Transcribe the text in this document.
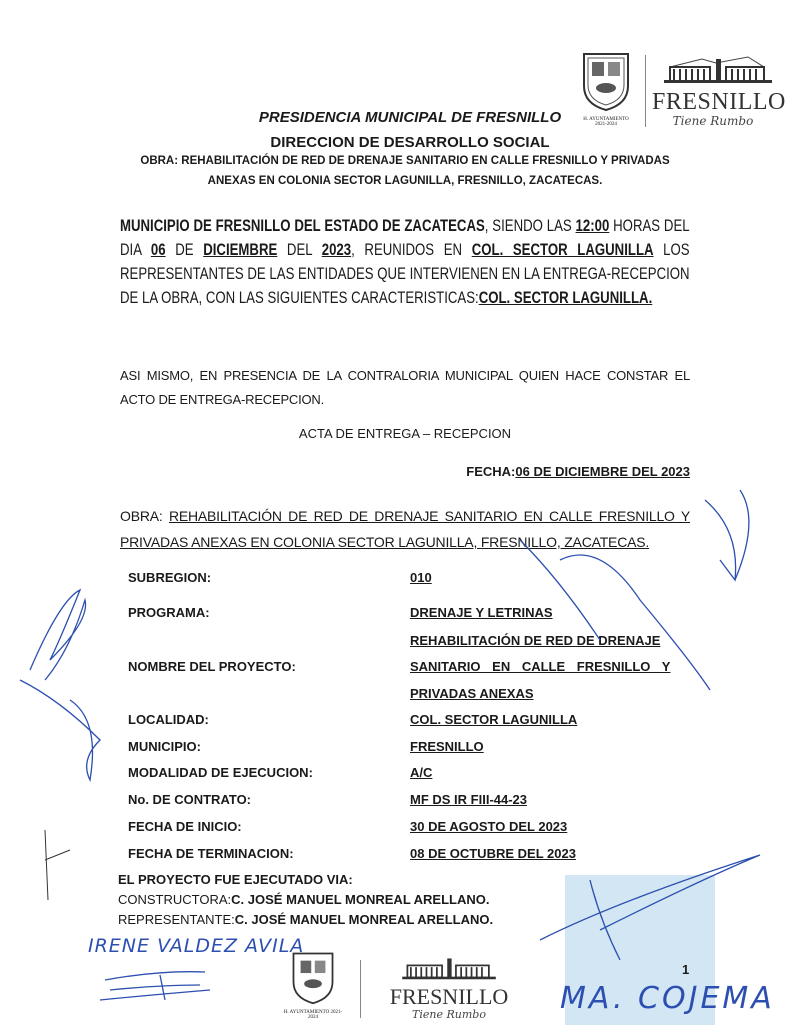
H. AYUNTAMIENTO 2021-2024
FRESNILLO
Tiene Rumbo
PRESIDENCIA MUNICIPAL DE FRESNILLO
DIRECCION DE DESARROLLO SOCIAL
OBRA: REHABILITACIÓN DE RED DE DRENAJE SANITARIO EN CALLE FRESNILLO Y PRIVADAS
ANEXAS EN COLONIA SECTOR LAGUNILLA, FRESNILLO, ZACATECAS.
MUNICIPIO DE FRESNILLO DEL ESTADO DE ZACATECAS, SIENDO LAS 12:00 HORAS DEL DIA 06 DE DICIEMBRE DEL 2023, REUNIDOS EN COL. SECTOR LAGUNILLA LOS REPRESENTANTES DE LAS ENTIDADES QUE INTERVIENEN EN LA ENTREGA-RECEPCION DE LA OBRA, CON LAS SIGUIENTES CARACTERISTICAS:COL. SECTOR LAGUNILLA.
ASI MISMO, EN PRESENCIA DE LA CONTRALORIA MUNICIPAL QUIEN HACE CONSTAR EL ACTO DE ENTREGA-RECEPCION.
ACTA DE ENTREGA – RECEPCION
FECHA:06 DE DICIEMBRE DEL 2023
OBRA: REHABILITACIÓN DE RED DE DRENAJE SANITARIO EN CALLE FRESNILLO Y PRIVADAS ANEXAS EN COLONIA SECTOR LAGUNILLA, FRESNILLO, ZACATECAS.
SUBREGION:	010
PROGRAMA:	DRENAJE Y LETRINAS
REHABILITACIÓN DE RED DE DRENAJE
NOMBRE DEL PROYECTO:	SANITARIO EN CALLE FRESNILLO Y
PRIVADAS ANEXAS
LOCALIDAD:	COL. SECTOR LAGUNILLA
MUNICIPIO:	FRESNILLO
MODALIDAD DE EJECUCION:	A/C
No. DE CONTRATO:	MF DS IR FIII-44-23
FECHA DE INICIO:	30 DE AGOSTO DEL 2023
FECHA DE TERMINACION:	08 DE OCTUBRE DEL 2023
EL PROYECTO FUE EJECUTADO VIA:
CONSTRUCTORA:C. JOSÉ MANUEL MONREAL ARELLANO.
REPRESENTANTE:C. JOSÉ MANUEL MONREAL ARELLANO.
IRENE VALDEZ AVILA
MA. COJEMA
H. AYUNTAMIENTO 2021-2024
FRESNILLO
Tiene Rumbo
1
